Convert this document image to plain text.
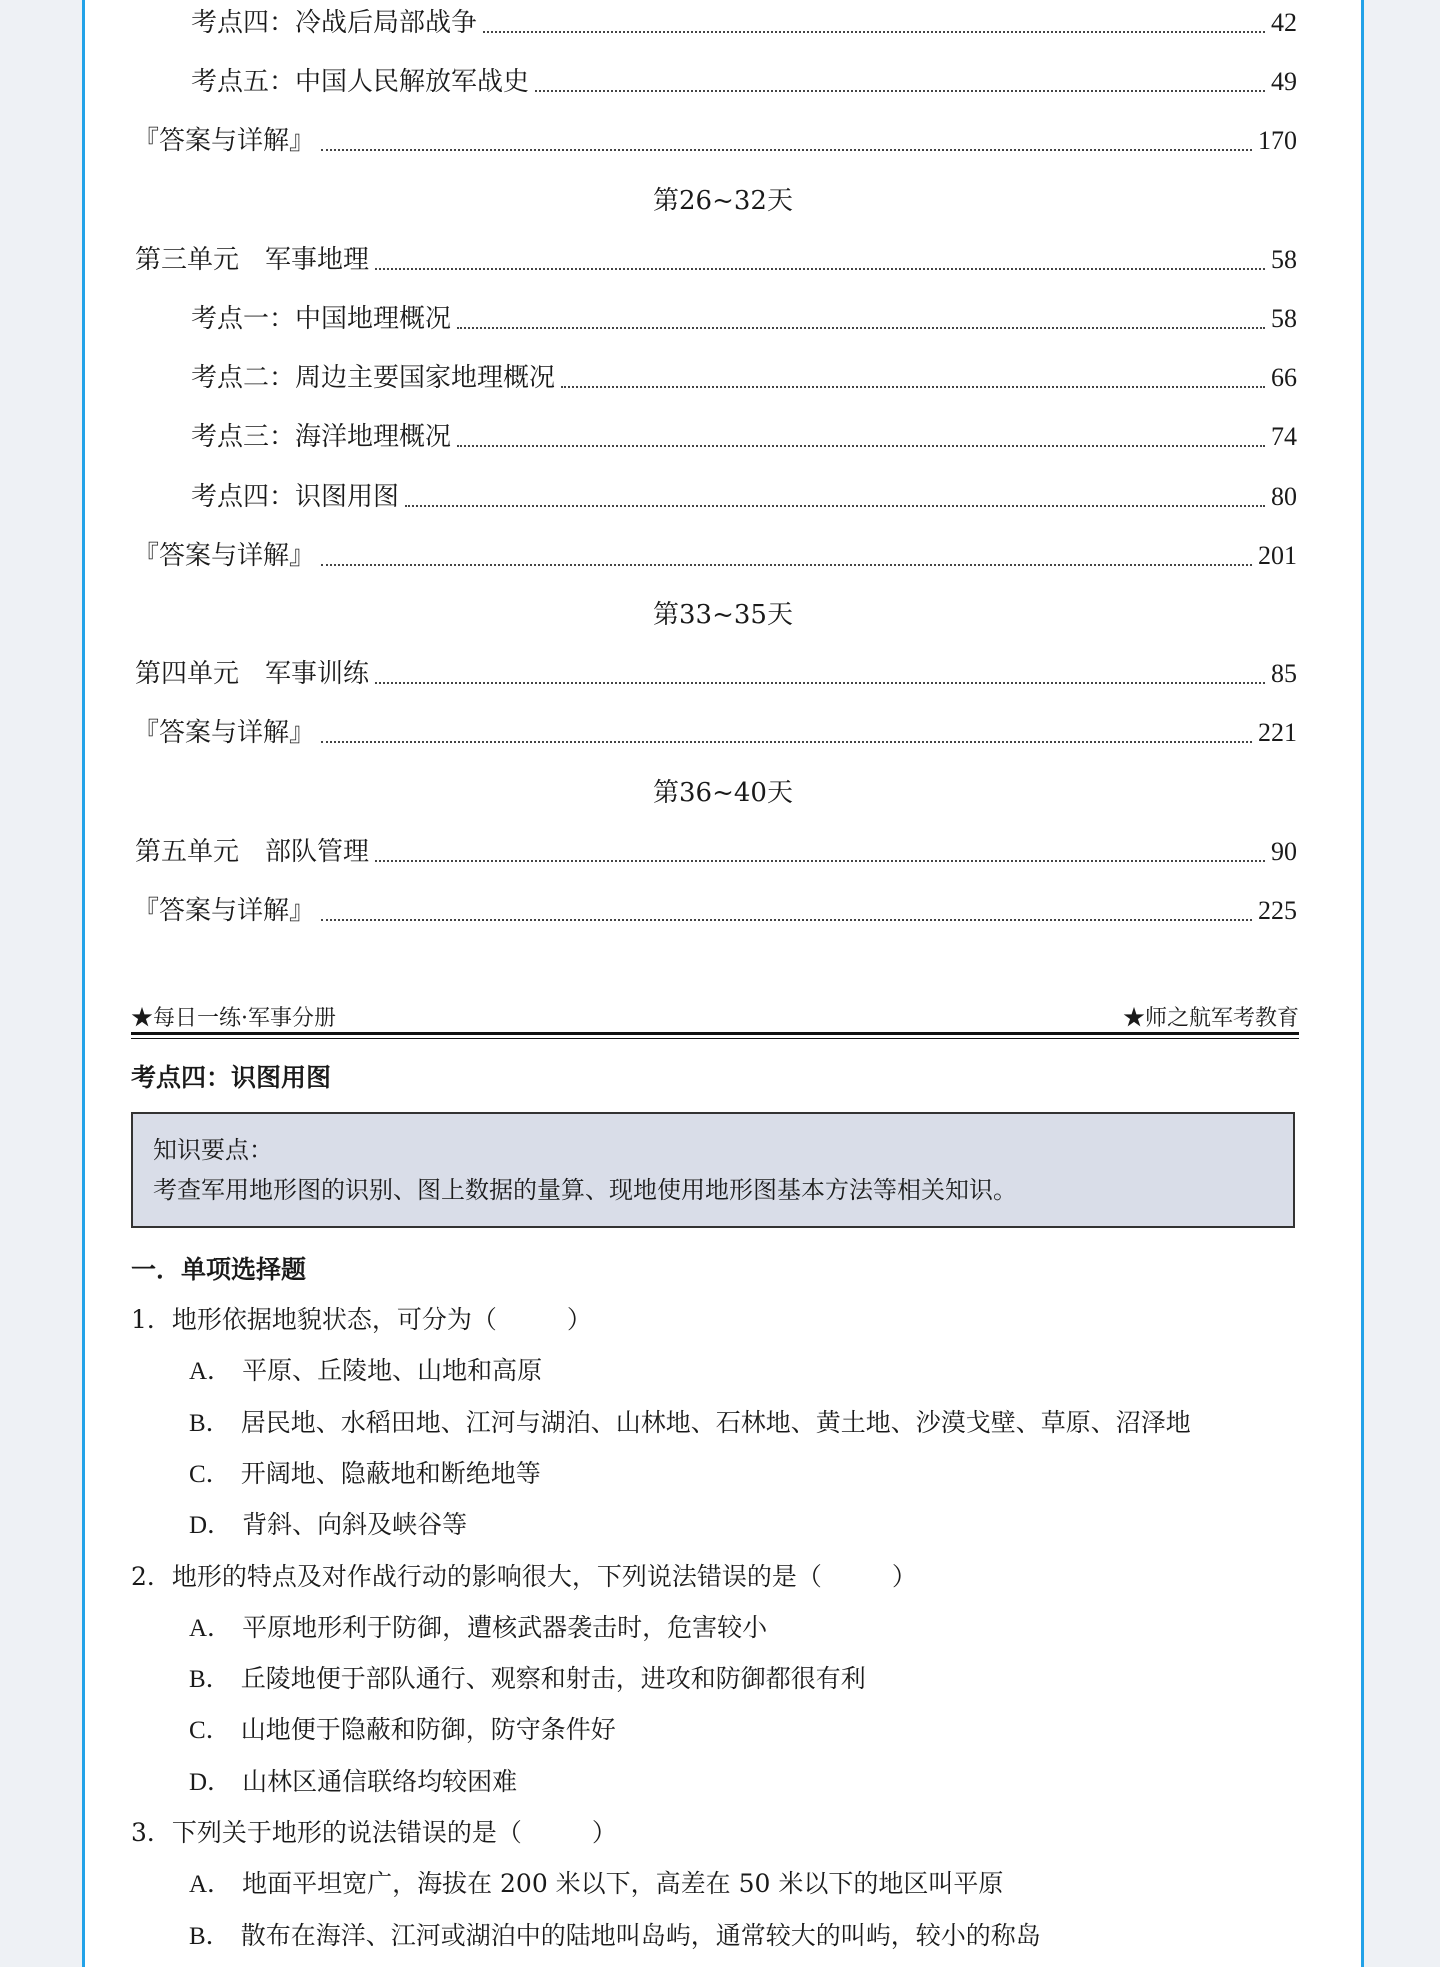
考点四：冷战后局部战争	42
考点五：中国人民解放军战史	49
『答案与详解』	170
第26~32天
第三单元　军事地理	58
考点一：中国地理概况	58
考点二：周边主要国家地理概况	66
考点三：海洋地理概况	74
考点四：识图用图	80
『答案与详解』	201
第33~35天
第四单元　军事训练	85
『答案与详解』	221
第36~40天
第五单元　部队管理	90
『答案与详解』	225
★每日一练·军事分册	★师之航军考教育
考点四：识图用图
知识要点：
考查军用地形图的识别、图上数据的量算、现地使用地形图基本方法等相关知识。
一．单项选择题
1．地形依据地貌状态，可分为（	）
A． 平原、丘陵地、山地和高原
B． 居民地、水稻田地、江河与湖泊、山林地、石林地、黄土地、沙漠戈壁、草原、沼泽地
C． 开阔地、隐蔽地和断绝地等
D． 背斜、向斜及峡谷等
2．地形的特点及对作战行动的影响很大，下列说法错误的是（	）
A． 平原地形利于防御，遭核武器袭击时，危害较小
B． 丘陵地便于部队通行、观察和射击，进攻和防御都很有利
C． 山地便于隐蔽和防御，防守条件好
D． 山林区通信联络均较困难
3．下列关于地形的说法错误的是（	）
A． 地面平坦宽广，海拔在 200 米以下，高差在 50 米以下的地区叫平原
B． 散布在海洋、江河或湖泊中的陆地叫岛屿，通常较大的叫屿，较小的称岛
